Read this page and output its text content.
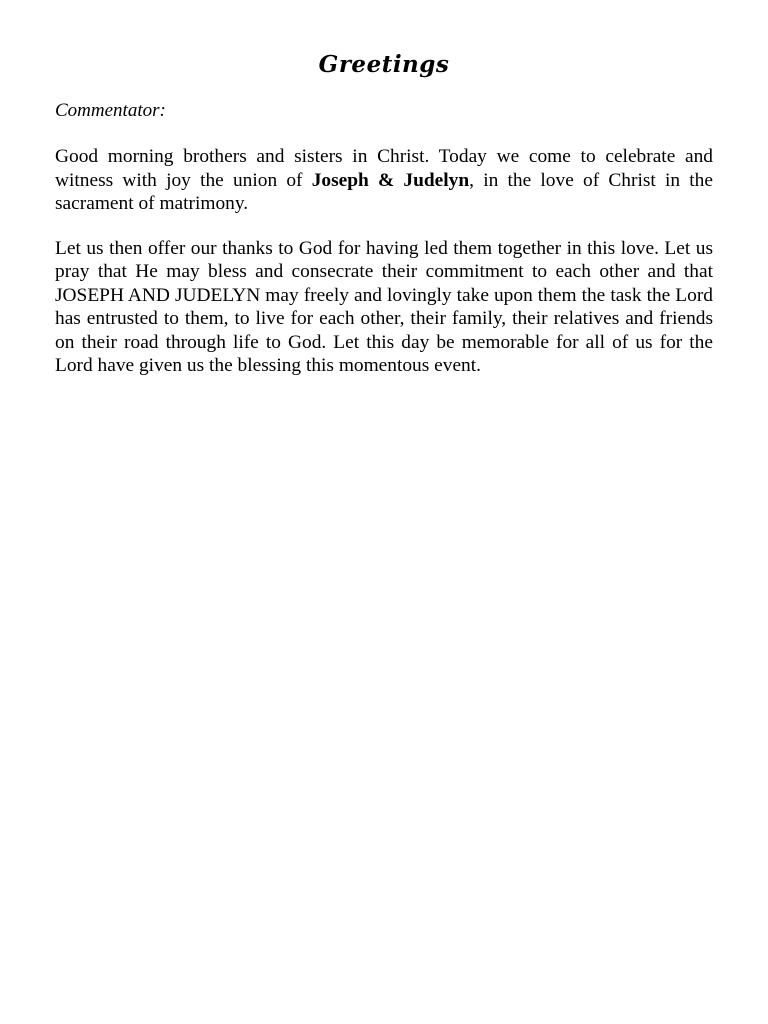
Greetings

Commentator:

Good morning brothers and sisters in Christ. Today we come to celebrate and witness with joy the union of Joseph & Judelyn, in the love of Christ in the sacrament of matrimony.

Let us then offer our thanks to God for having led them together in this love. Let us pray that He may bless and consecrate their commitment to each other and that JOSEPH AND JUDELYN may freely and lovingly take upon them the task the Lord has entrusted to them, to live for each other, their family, their relatives and friends on their road through life to God. Let this day be memorable for all of us for the Lord have given us the blessing this momentous event.
